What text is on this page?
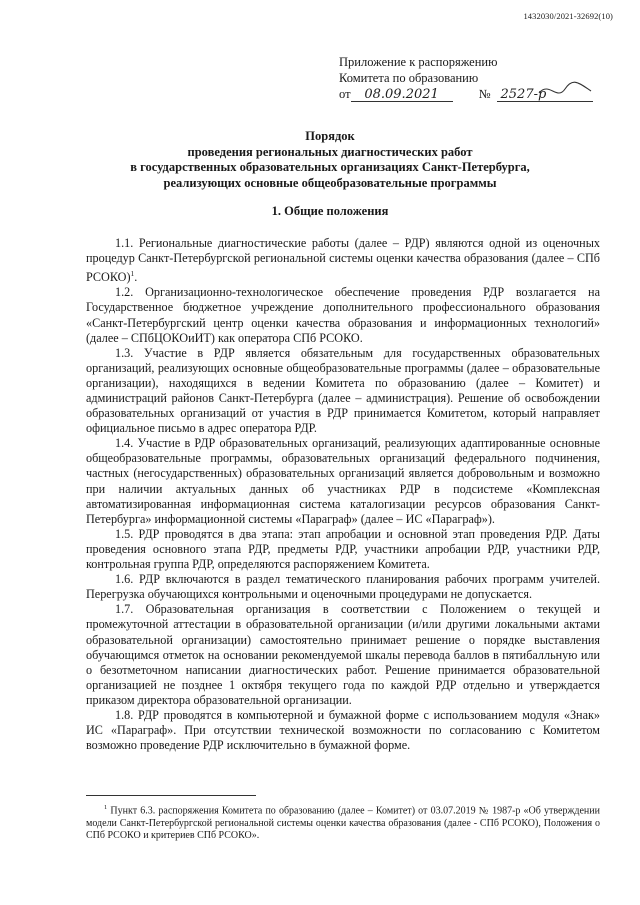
1432030/2021-32692(10)
Приложение к распоряжению
Комитета по образованию
от	08.09.2021	№ 2527-р
Порядок
проведения региональных диагностических работ
в государственных образовательных организациях Санкт-Петербурга,
реализующих основные общеобразовательные программы
1. Общие положения

1.1. Региональные диагностические работы (далее – РДР) являются одной из оценочных процедур Санкт-Петербургской региональной системы оценки качества образования (далее – СПб РСОКО)$^1$.

1.2. Организационно-технологическое обеспечение проведения РДР возлагается на Государственное бюджетное учреждение дополнительного профессионального образования «Санкт-Петербургский центр оценки качества образования и информационных технологий» (далее – СПбЦОКОиИТ) как оператора СПб РСОКО.

1.3. Участие в РДР является обязательным для государственных образовательных организаций, реализующих основные общеобразовательные программы (далее – образовательные организации), находящихся в ведении Комитета по образованию (далее – Комитет) и администраций районов Санкт-Петербурга (далее – администрация). Решение об освобождении образовательных организаций от участия в РДР принимается Комитетом, который направляет официальное письмо в адрес оператора РДР.

1.4. Участие в РДР образовательных организаций, реализующих адаптированные основные общеобразовательные программы, образовательных организаций федерального подчинения, частных (негосударственных) образовательных организаций является добровольным и возможно при наличии актуальных данных об участниках РДР в подсистеме «Комплексная автоматизированная информационная система каталогизации ресурсов образования Санкт-Петербурга» информационной системы «Параграф» (далее – ИС «Параграф»).

1.5. РДР проводятся в два этапа: этап апробации и основной этап проведения РДР. Даты проведения основного этапа РДР, предметы РДР, участники апробации РДР, участники РДР, контрольная группа РДР, определяются распоряжением Комитета.

1.6. РДР включаются в раздел тематического планирования рабочих программ учителей. Перегрузка обучающихся контрольными и оценочными процедурами не допускается.

1.7. Образовательная организация в соответствии с Положением о текущей и промежуточной аттестации в образовательной организации (и/или другими локальными актами образовательной организации) самостоятельно принимает решение о порядке выставления обучающимся отметок на основании рекомендуемой шкалы перевода баллов в пятибалльную или о безотметочном написании диагностических работ. Решение принимается образовательной организацией не позднее 1 октября текущего года по каждой РДР отдельно и утверждается приказом директора образовательной организации.

1.8. РДР проводятся в компьютерной и бумажной форме с использованием модуля «Знак» ИС «Параграф». При отсутствии технической возможности по согласованию с Комитетом возможно проведение РДР исключительно в бумажной форме.

$^1$ Пункт 6.3. распоряжения Комитета по образованию (далее – Комитет) от 03.07.2019 № 1987-р «Об утверждении модели Санкт-Петербургской региональной системы оценки качества образования (далее - СПб РСОКО), Положения о СПб РСОКО и критериев СПб РСОКО».
